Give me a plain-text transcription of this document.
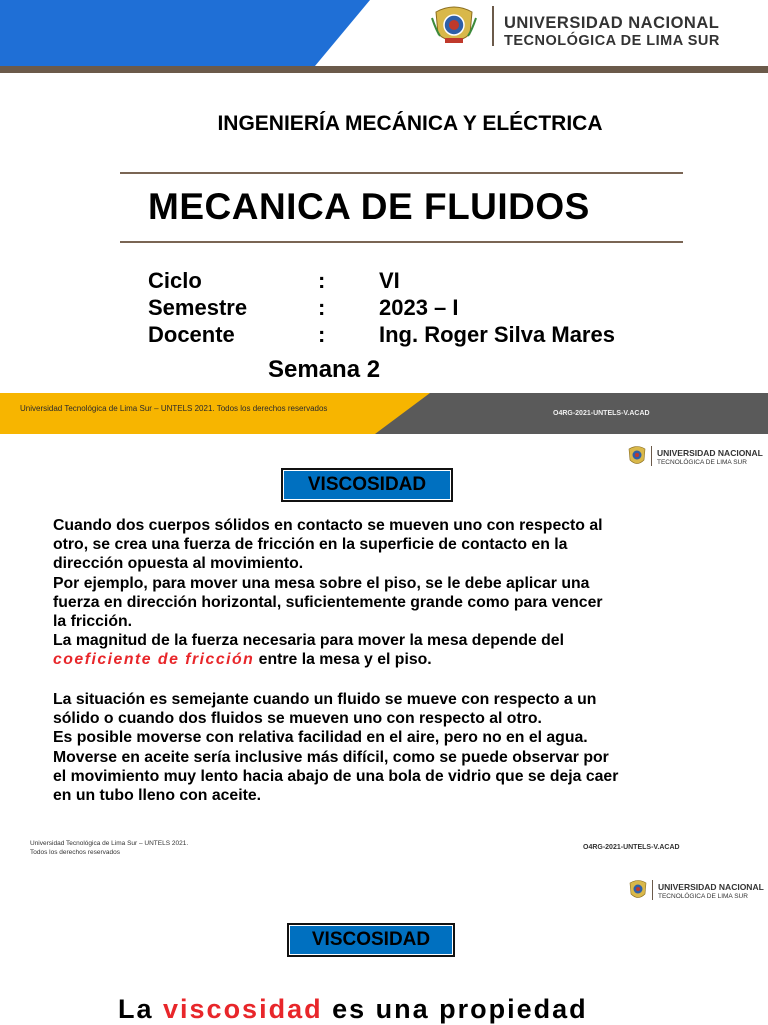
UNIVERSIDAD NACIONAL
TECNOLÓGICA DE LIMA SUR
INGENIERÍA MECÁNICA Y ELÉCTRICA
MECANICA DE FLUIDOS
Ciclo	: VI
Semestre	: 2023 – I
Docente	: Ing. Roger Silva Mares
Semana 2
Universidad Tecnológica de Lima Sur – UNTELS 2021. Todos los derechos reservados
O4RG-2021-UNTELS-V.ACAD
UNIVERSIDAD NACIONAL
TECNOLÓGICA DE LIMA SUR
VISCOSIDAD

Cuando dos cuerpos sólidos en contacto se mueven uno con respecto al

otro, se crea una fuerza de fricción en la superficie de contacto en la

dirección opuesta al movimiento.

Por ejemplo, para mover una mesa sobre el piso, se le debe aplicar una

fuerza en dirección horizontal, suficientemente grande como para vencer

la fricción.

La magnitud de la fuerza necesaria para mover la mesa depende del

coeficiente de fricción entre la mesa y el piso.

La situación es semejante cuando un fluido se mueve con respecto a un

sólido o cuando dos fluidos se mueven uno con respecto al otro.

Es posible moverse con relativa facilidad en el aire, pero no en el agua.

Moverse en aceite sería inclusive más difícil, como se puede observar por

el movimiento muy lento hacia abajo de una bola de vidrio que se deja caer

en un tubo lleno con aceite.

Universidad Tecnológica de Lima Sur – UNTELS 2021.
Todos los derechos reservados
O4RG-2021-UNTELS-V.ACAD
UNIVERSIDAD NACIONAL
TECNOLÓGICA DE LIMA SUR
VISCOSIDAD
La viscosidad es una propiedad
